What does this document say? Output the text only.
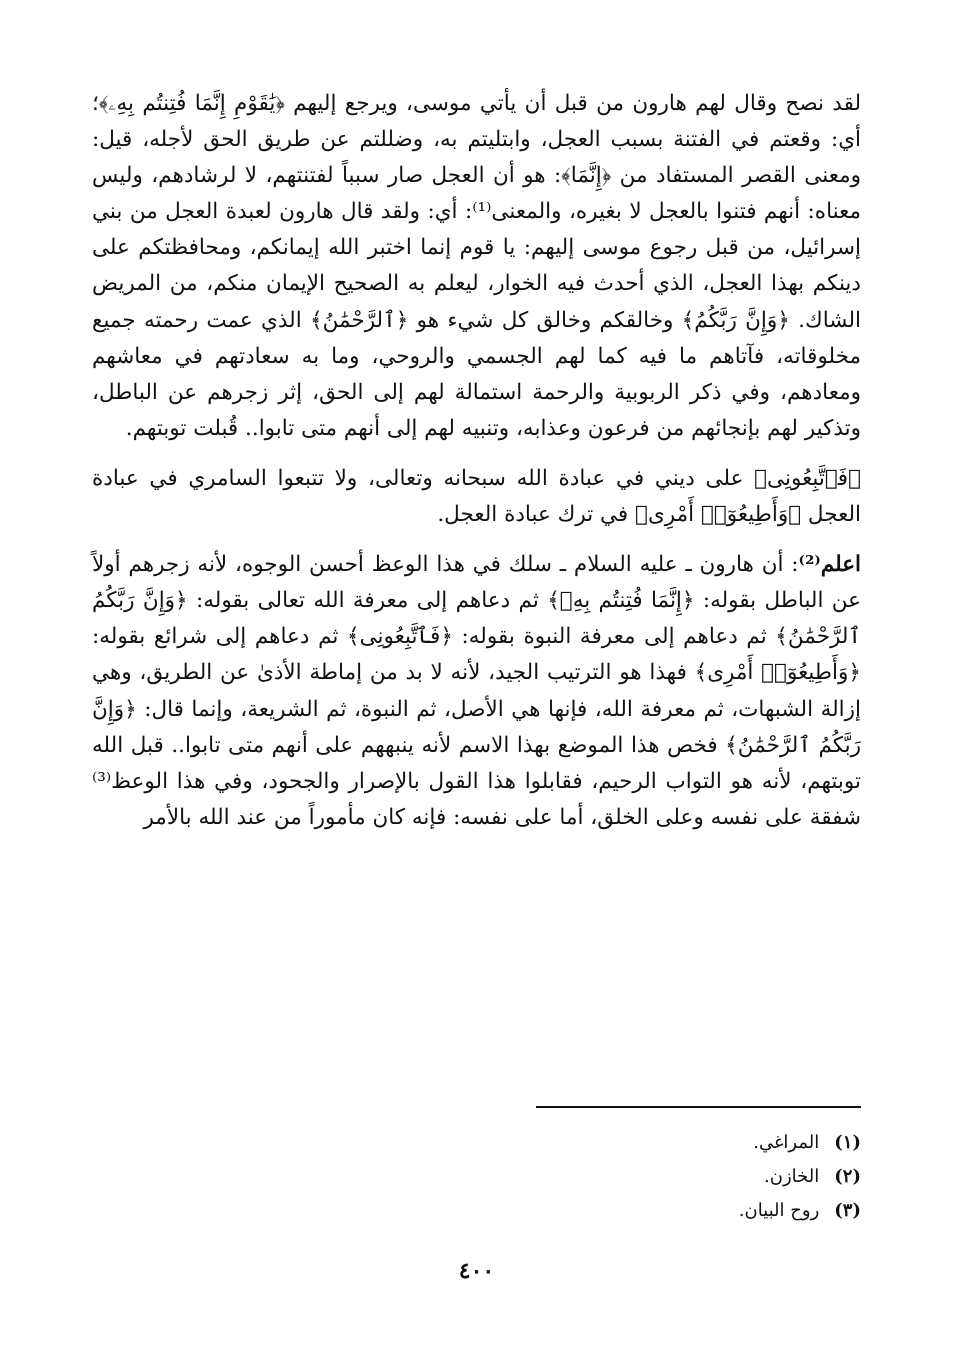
لقد نصح وقال لهم هارون من قبل أن يأتي موسى، ويرجع إليهم ﴿يَٰقَوْمِ إِنَّمَا فُتِنتُم بِهِۦ﴾؛ أي: وقعتم في الفتنة بسبب العجل، وابتليتم به، وضللتم عن طريق الحق لأجله، قيل: ومعنى القصر المستفاد من ﴿إِنَّمَا﴾: هو أن العجل صار سبباً لفتنتهم، لا لرشادهم، وليس معناه: أنهم فتنوا بالعجل لا بغيره، والمعنى⁽¹⁾: أي: ولقد قال هارون لعبدة العجل من بني إسرائيل، من قبل رجوع موسى إليهم: يا قوم إنما اختبر الله إيمانكم، ومحافظتكم على دينكم بهذا العجل، الذي أحدث فيه الخوار، ليعلم به الصحيح الإيمان منكم، من المريض الشاك. ﴿وَإِنَّ رَبَّكُمُ﴾ وخالقكم وخالق كل شيء هو ﴿ٱلرَّحْمَٰنُ﴾ الذي عمت رحمته جميع مخلوقاته، فآتاهم ما فيه كما لهم الجسمي والروحي، وما به سعادتهم في معاشهم ومعادهم، وفي ذكر الربوبية والرحمة استمالة لهم إلى الحق، إثر زجرهم عن الباطل، وتذكير لهم بإنجائهم من فرعون وعذابه، وتنبيه لهم إلى أنهم متى تابوا.. قُبلت توبتهم.

﴿فَٱتَّبِعُونِى﴾ على ديني في عبادة الله سبحانه وتعالى، ولا تتبعوا السامري في عبادة العجل ﴿وَأَطِيعُوٓا۟ أَمْرِى﴾ في ترك عبادة العجل.

اعلم⁽²⁾: أن هارون ـ عليه السلام ـ سلك في هذا الوعظ أحسن الوجوه، لأنه زجرهم أولاً عن الباطل بقوله: ﴿إِنَّمَا فُتِنتُم بِهِۦ﴾ ثم دعاهم إلى معرفة الله تعالى بقوله: ﴿وَإِنَّ رَبَّكُمُ ٱلرَّحْمَٰنُ﴾ ثم دعاهم إلى معرفة النبوة بقوله: ﴿فَٱتَّبِعُونِى﴾ ثم دعاهم إلى شرائع بقوله: ﴿وَأَطِيعُوٓا۟ أَمْرِى﴾ فهذا هو الترتيب الجيد، لأنه لا بد من إماطة الأذىٰ عن الطريق، وهي إزالة الشبهات، ثم معرفة الله، فإنها هي الأصل، ثم النبوة، ثم الشريعة، وإنما قال: ﴿وَإِنَّ رَبَّكُمُ ٱلرَّحْمَٰنُ﴾ فخص هذا الموضع بهذا الاسم لأنه ينبههم على أنهم متى تابوا.. قبل الله توبتهم، لأنه هو التواب الرحيم، فقابلوا هذا القول بالإصرار والجحود، وفي هذا الوعظ⁽³⁾ شفقة على نفسه وعلى الخلق، أما على نفسه: فإنه كان مأموراً من عند الله بالأمر

(١) المراغي.
(٢) الخازن.
(٣) روح البيان.
٤٠٠
